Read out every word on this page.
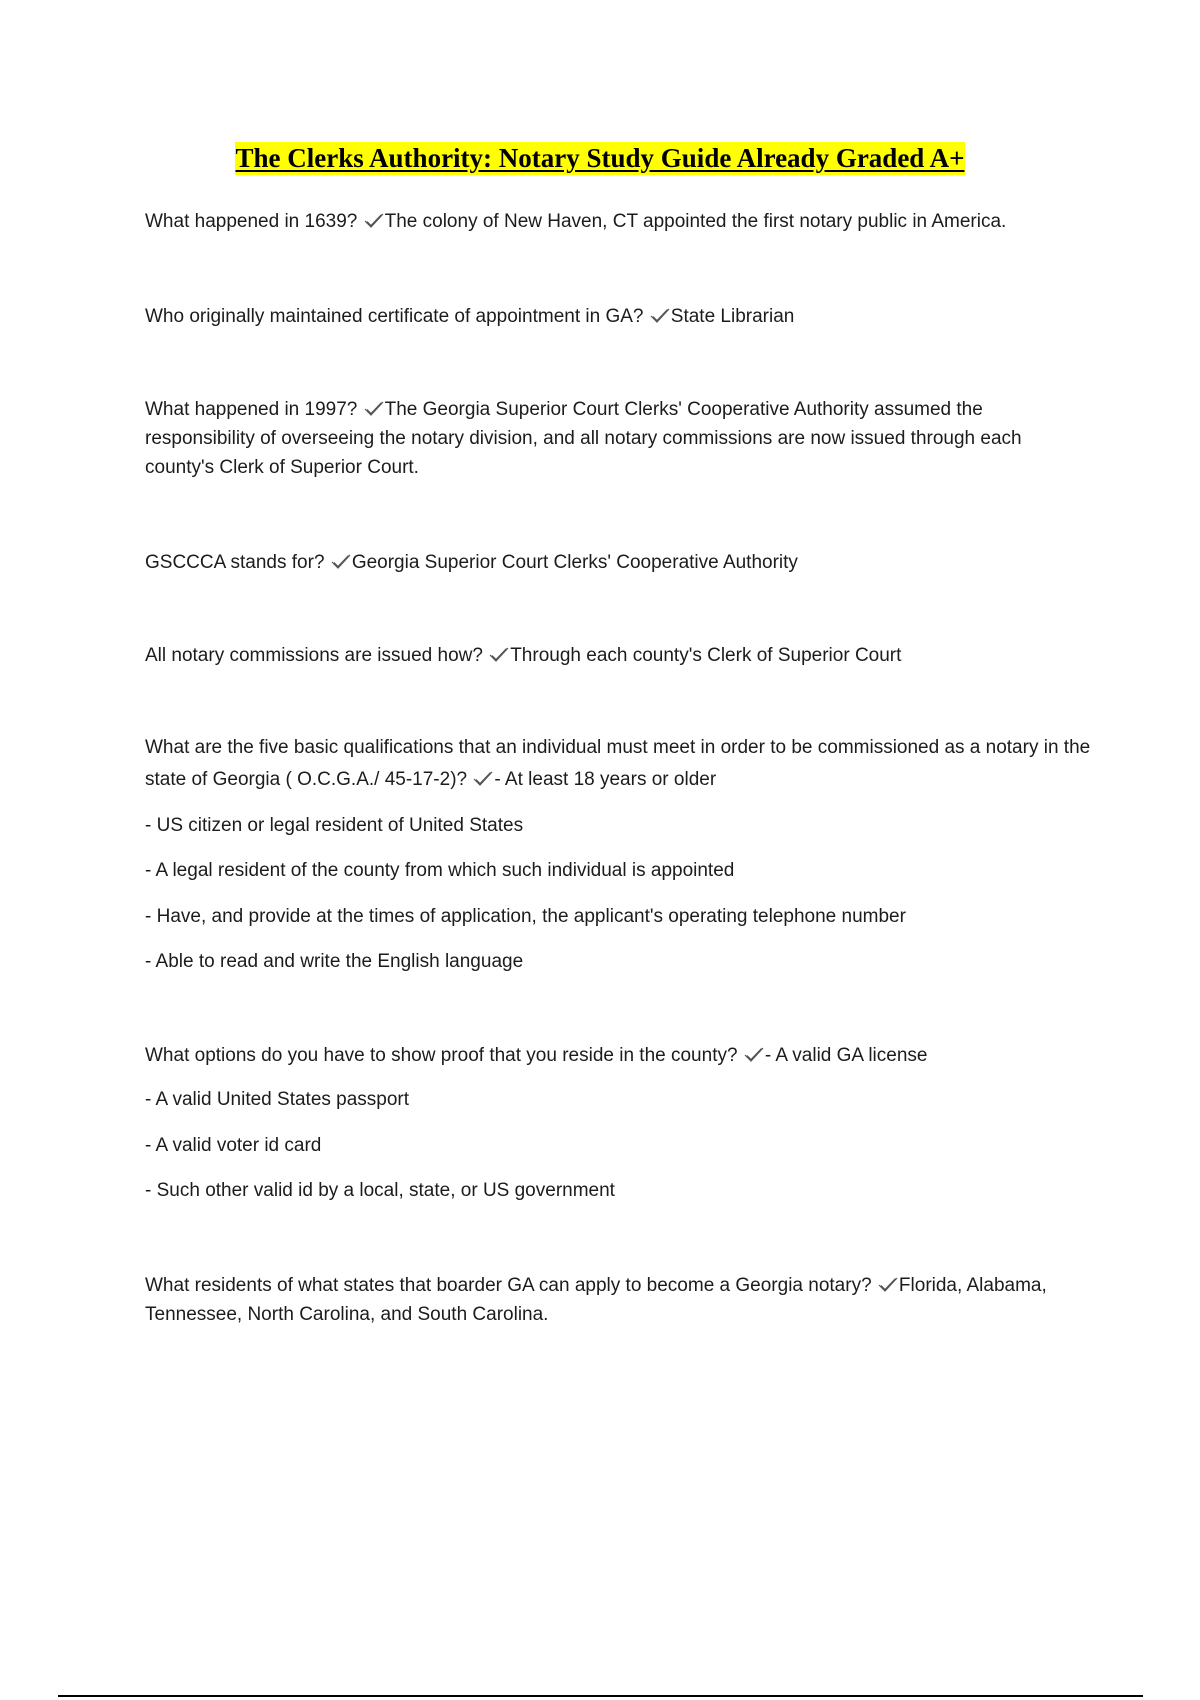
The Clerks Authority: Notary Study Guide Already Graded A+
What happened in 1639? The colony of New Haven, CT appointed the first notary public in America.
Who originally maintained certificate of appointment in GA? State Librarian
What happened in 1997? The Georgia Superior Court Clerks' Cooperative Authority assumed the responsibility of overseeing the notary division, and all notary commissions are now issued through each county's Clerk of Superior Court.
GSCCCA stands for? Georgia Superior Court Clerks' Cooperative Authority
All notary commissions are issued how? Through each county's Clerk of Superior Court
What are the five basic qualifications that an individual must meet in order to be commissioned as a notary in the state of Georgia ( O.C.G.A./ 45-17-2)? - At least 18 years or older
- US citizen or legal resident of United States
- A legal resident of the county from which such individual is appointed
- Have, and provide at the times of application, the applicant's operating telephone number
- Able to read and write the English language
What options do you have to show proof that you reside in the county? - A valid GA license
- A valid United States passport
- A valid voter id card
- Such other valid id by a local, state, or US government
What residents of what states that boarder GA can apply to become a Georgia notary? Florida, Alabama, Tennessee, North Carolina, and South Carolina.
